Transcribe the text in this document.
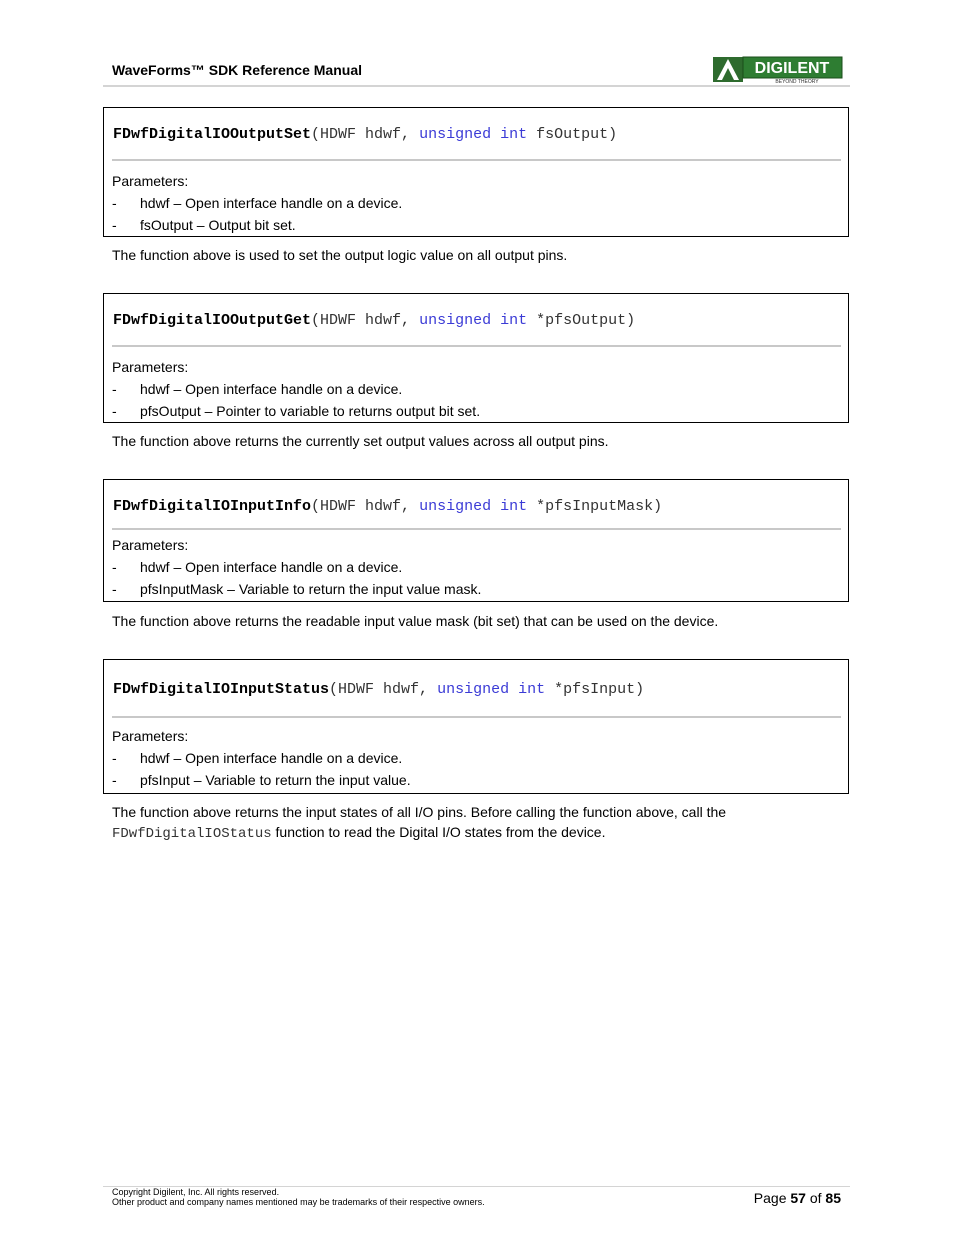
WaveForms™ SDK Reference Manual	DIGILENT
BEYOND THEORY
FDwfDigitalIOOutputSet(HDWF hdwf, unsigned int fsOutput)
Parameters:
- hdwf – Open interface handle on a device.
- fsOutput – Output bit set.
The function above is used to set the output logic value on all output pins.
FDwfDigitalIOOutputGet(HDWF hdwf, unsigned int *pfsOutput)
Parameters:
- hdwf – Open interface handle on a device.
- pfsOutput – Pointer to variable to returns output bit set.
The function above returns the currently set output values across all output pins.
FDwfDigitalIOInputInfo(HDWF hdwf, unsigned int *pfsInputMask)
Parameters:
- hdwf – Open interface handle on a device.
- pfsInputMask – Variable to return the input value mask.
The function above returns the readable input value mask (bit set) that can be used on the device.
FDwfDigitalIOInputStatus(HDWF hdwf, unsigned int *pfsInput)
Parameters:
- hdwf – Open interface handle on a device.
- pfsInput – Variable to return the input value.
The function above returns the input states of all I/O pins. Before calling the function above, call the
FDwfDigitalIOStatus function to read the Digital I/O states from the device.
Copyright Digilent, Inc. All rights reserved.
Other product and company names mentioned may be trademarks of their respective owners.	Page 57 of 85
